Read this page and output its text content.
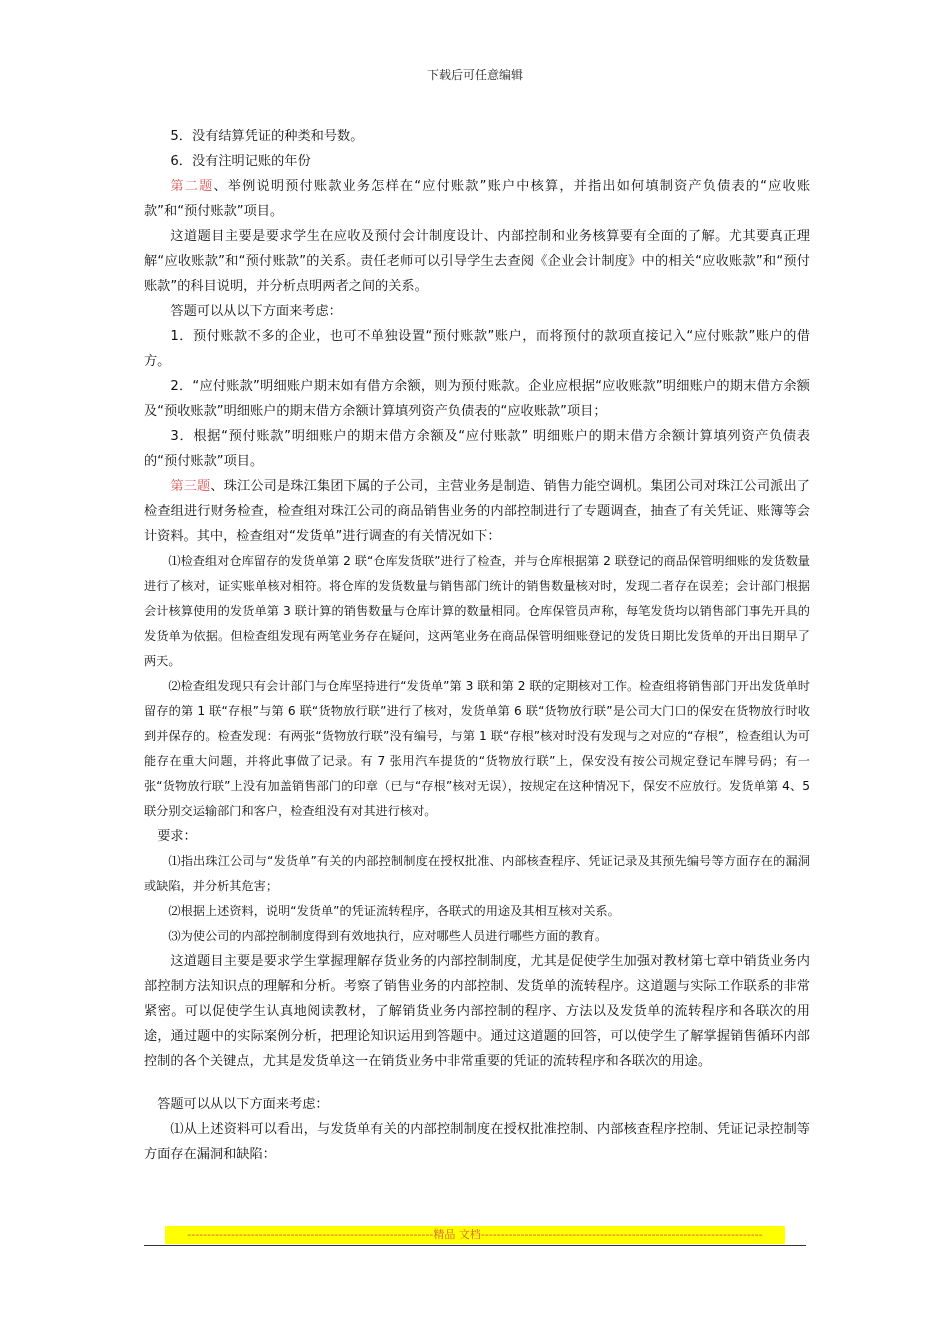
下载后可任意编辑

5．没有结算凭证的种类和号数。

6．没有注明记账的年份

第二题、举例说明预付账款业务怎样在“应付账款”账户中核算，并指出如何填制资产负债表的“应收账款”和“预付账款”项目。

这道题目主要是要求学生在应收及预付会计制度设计、内部控制和业务核算要有全面的了解。尤其要真正理解“应收账款”和“预付账款”的关系。责任老师可以引导学生去查阅《企业会计制度》中的相关“应收账款”和“预付账款”的科目说明，并分析点明两者之间的关系。

答题可以从以下方面来考虑：

1．预付账款不多的企业，也可不单独设置“预付账款”账户，而将预付的款项直接记入“应付账款”账户的借方。

2．“应付账款”明细账户期末如有借方余额，则为预付账款。企业应根据“应收账款”明细账户的期末借方余额及“预收账款”明细账户的期末借方余额计算填列资产负债表的“应收账款”项目；

3．根据“预付账款”明细账户的期末借方余额及“应付账款” 明细账户的期末借方余额计算填列资产负债表的“预付账款”项目。

第三题、珠江公司是珠江集团下属的子公司，主营业务是制造、销售力能空调机。集团公司对珠江公司派出了检查组进行财务检查，检查组对珠江公司的商品销售业务的内部控制进行了专题调查，抽查了有关凭证、账簿等会计资料。其中，检查组对“发货单”进行调查的有关情况如下：

⑴检查组对仓库留存的发货单第 2 联“仓库发货联”进行了检查，并与仓库根据第 2 联登记的商品保管明细账的发货数量进行了核对，证实账单核对相符。将仓库的发货数量与销售部门统计的销售数量核对时，发现二者存在误差；会计部门根据会计核算使用的发货单第 3 联计算的销售数量与仓库计算的数量相同。仓库保管员声称，每笔发货均以销售部门事先开具的发货单为依据。但检查组发现有两笔业务存在疑问，这两笔业务在商品保管明细账登记的发货日期比发货单的开出日期早了两天。

⑵检查组发现只有会计部门与仓库坚持进行“发货单”第 3 联和第 2 联的定期核对工作。检查组将销售部门开出发货单时留存的第 1 联“存根”与第 6 联“货物放行联”进行了核对，发货单第 6 联“货物放行联”是公司大门口的保安在货物放行时收到并保存的。检查发现：有两张“货物放行联”没有编号，与第 1 联“存根”核对时没有发现与之对应的“存根”，检查组认为可能存在重大问题，并将此事做了记录。有 7 张用汽车提货的“货物放行联”上，保安没有按公司规定登记车牌号码；有一张“货物放行联”上没有加盖销售部门的印章（已与“存根”核对无误），按规定在这种情况下，保安不应放行。发货单第 4、5 联分别交运输部门和客户，检查组没有对其进行核对。

要求：

⑴指出珠江公司与“发货单”有关的内部控制制度在授权批准、内部核查程序、凭证记录及其预先编号等方面存在的漏洞或缺陷，并分析其危害；

⑵根据上述资料，说明“发货单”的凭证流转程序，各联式的用途及其相互核对关系。

⑶为使公司的内部控制制度得到有效地执行，应对哪些人员进行哪些方面的教育。

这道题目主要是要求学生掌握理解存货业务的内部控制制度，尤其是促使学生加强对教材第七章中销货业务内部控制方法知识点的理解和分析。考察了销售业务的内部控制、发货单的流转程序。这道题与实际工作联系的非常紧密。可以促使学生认真地阅读教材，了解销货业务内部控制的程序、方法以及发货单的流转程序和各联次的用途，通过题中的实际案例分析，把理论知识运用到答题中。通过这道题的回答，可以使学生了解掌握销售循环内部控制的各个关键点，尤其是发货单这一在销货业务中非常重要的凭证的流转程序和各联次的用途。

答题可以从以下方面来考虑：

⑴从上述资料可以看出，与发货单有关的内部控制制度在授权批准控制、内部核查程序控制、凭证记录控制等方面存在漏洞和缺陷：

--------------------------------------------------------------精品 文档-----------------------------------------------------------------------
